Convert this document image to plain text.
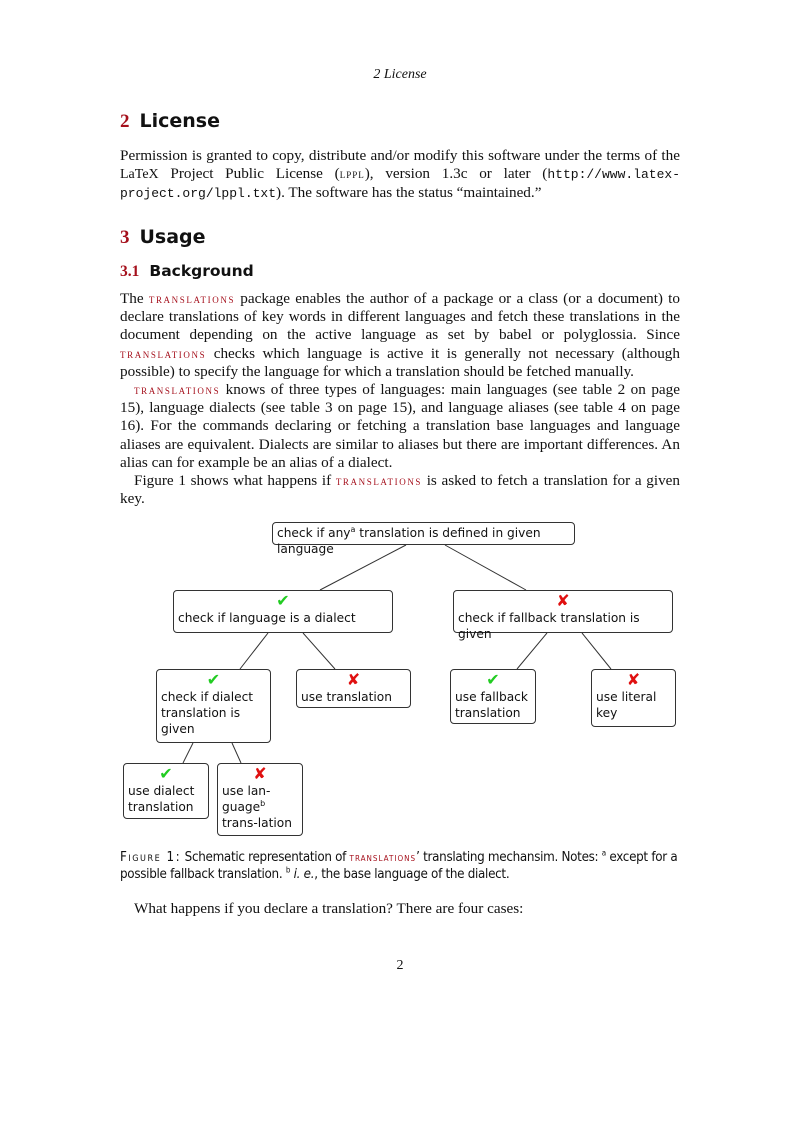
2 License
2 License
Permission is granted to copy, distribute and/or modify this software under the terms of the LaTeX Project Public License (lppl), version 1.3c or later (http://www.latex-project.org/lppl.txt). The software has the status “maintained.”
3 Usage
3.1 Background
The translations package enables the author of a package or a class (or a document) to declare translations of key words in different languages and fetch these translations in the document depending on the active language as set by babel or polyglossia. Since translations checks which language is active it is generally not necessary (although possible) to specify the language for which a translation should be fetched manually.
translations knows of three types of languages: main languages (see table 2 on page 15), language dialects (see table 3 on page 15), and language aliases (see table 4 on page 16). For the commands declaring or fetching a translation base languages and language aliases are equivalent. Dialects are similar to aliases but there are important differences. An alias can for example be an alias of a dialect.
Figure 1 shows what happens if translations is asked to fetch a translation for a given key.
check if any$^a$ translation is defined in given language
✔
check if language is a dialect
✘
check if fallback translation is given
✔
check if dialect translation is given
✘
use translation
✔
use fallback translation
✘
use literal key
✔
use dialect translation
✘
use lan-guage$^b$ trans-lation
Figure 1: Schematic representation of translations’ translating mechansim. Notes: $^a$ except for a possible fallback translation. $^b$ i. e., the base language of the dialect.
What happens if you declare a translation? There are four cases:
2
